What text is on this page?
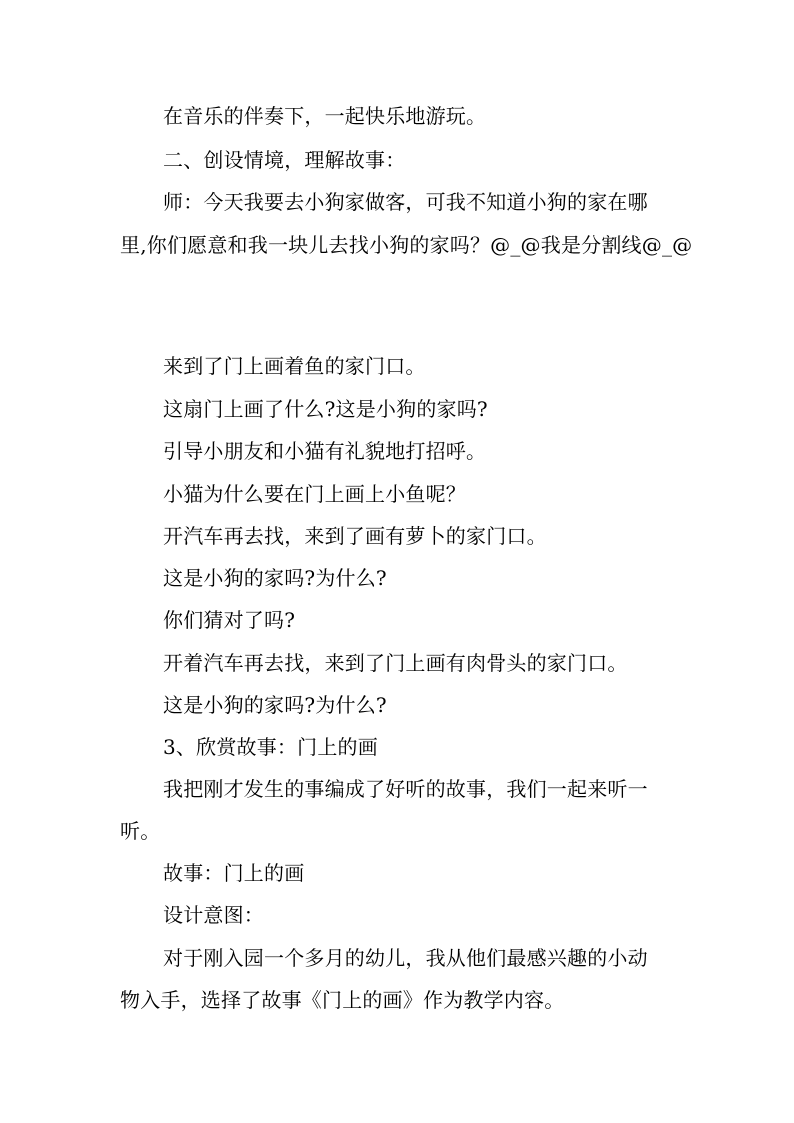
在音乐的伴奏下，一起快乐地游玩。
二、创设情境，理解故事：
师：今天我要去小狗家做客，可我不知道小狗的家在哪
里,你们愿意和我一块儿去找小狗的家吗？@_@我是分割线@_@
来到了门上画着鱼的家门口。
这扇门上画了什么?这是小狗的家吗?
引导小朋友和小猫有礼貌地打招呼。
小猫为什么要在门上画上小鱼呢？
开汽车再去找，来到了画有萝卜的家门口。
这是小狗的家吗?为什么?
你们猜对了吗?
开着汽车再去找，来到了门上画有肉骨头的家门口。
这是小狗的家吗?为什么?
3、欣赏故事：门上的画
我把刚才发生的事编成了好听的故事，我们一起来听一
听。
故事：门上的画
设计意图：
对于刚入园一个多月的幼儿，我从他们最感兴趣的小动
物入手，选择了故事《门上的画》作为教学内容。
